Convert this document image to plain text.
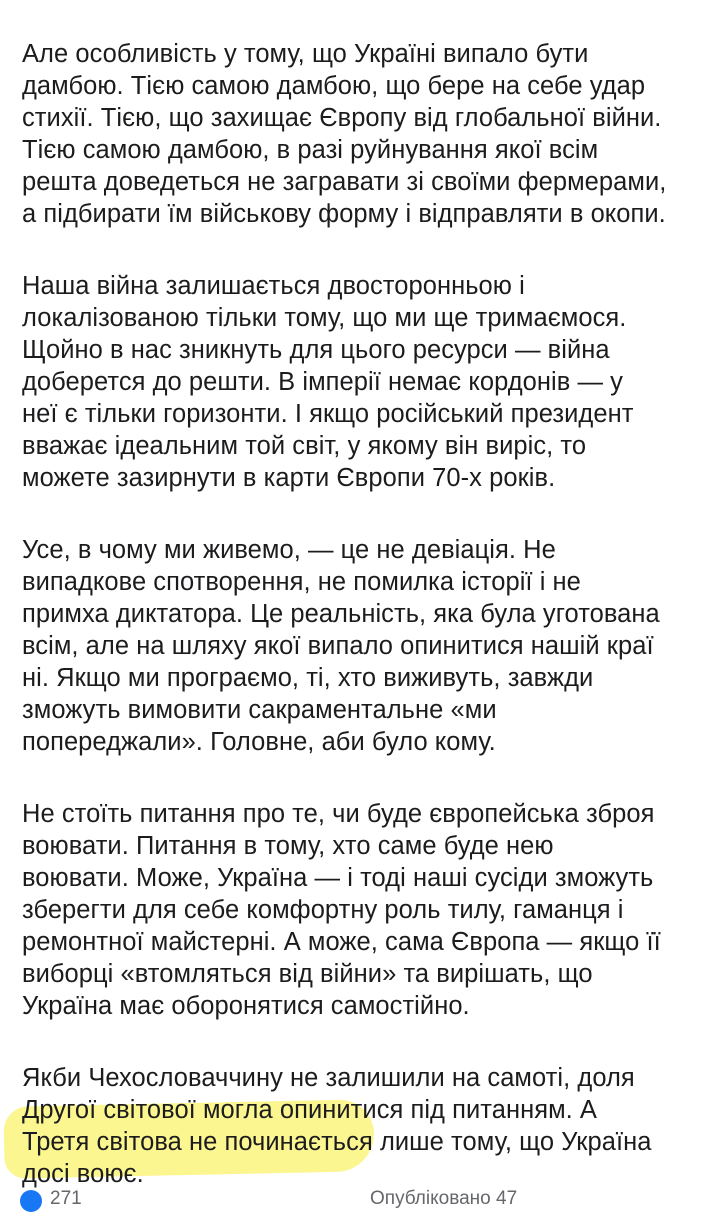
Але особливість у тому, що Україні випало бути
дамбою. Тією самою дамбою, що бере на себе удар
стихії. Тією, що захищає Європу від глобальної війни.
Тією самою дамбою, в разі руйнування якої всім
решта доведеться не загравати зі своїми фермерами,
а підбирати їм військову форму і відправляти в окопи.
Наша війна залишається двосторонньою і
локалізованою тільки тому, що ми ще тримаємося.
Щойно в нас зникнуть для цього ресурси — війна
доберется до решти. В імперії немає кордонів — у
неї є тільки горизонти. І якщо російський президент
вважає ідеальним той світ, у якому він виріс, то
можете зазирнути в карти Європи 70-х років.
Усе, в чому ми живемо, — це не девіація. Не
випадкове спотворення, не помилка історії і не
примха диктатора. Це реальність, яка була уготована
всім, але на шляху якої випало опинитися нашій краї
ні. Якщо ми програємо, ті, хто виживуть, завжди
зможуть вимовити сакраментальне «ми
попереджали». Головне, аби було кому.
Не стоїть питання про те, чи буде європейська зброя
воювати. Питання в тому, хто саме буде нею
воювати. Може, Україна — і тоді наші сусіди зможуть
зберегти для себе комфортну роль тилу, гаманця і
ремонтної майстерні. А може, сама Європа — якщо її
виборці «втомляться від війни» та вирішать, що
Україна має оборонятися самостійно.
Якби Чехословаччину не залишили на самоті, доля
Другої світової могла опинитися під питанням. А
Третя світова не починається лише тому, що Україна
досі воює.
271	Опубліковано 47
